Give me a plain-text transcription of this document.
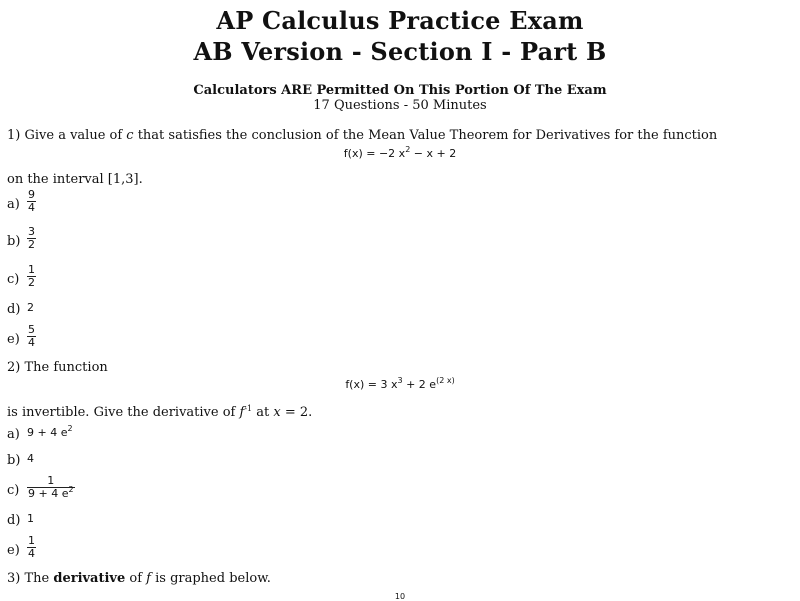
AP Calculus Practice Exam
AB Version - Section I - Part B
Calculators ARE Permitted On This Portion Of The Exam
17 Questions - 50 Minutes
1) Give a value of c that satisfies the conclusion of the Mean Value Theorem for Derivatives for the function
f(x) = −2 $x^2 - x + 2$
on the interval [1,3].
a)
9
4
b)
3
2
c)
1
2
d) 2
e)
5
4
2) The function
f(x) = 3 $x^3 + 2$ $e^{(2 x)}$
is invertible. Give the derivative of $f^{-1}$ at x = 2.
a) 9 + 4 $e^2$
b) 4
c)
1
9 + 4 $e^2$
d) 1
e)
1
4
3) The derivative of f is graphed below.
10
